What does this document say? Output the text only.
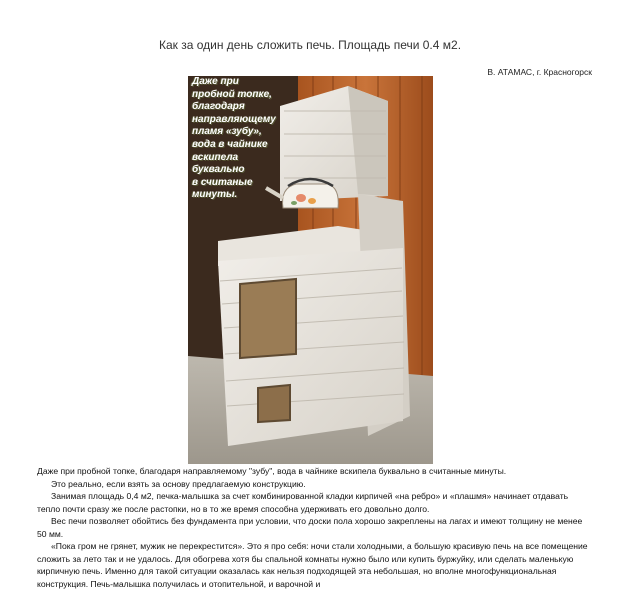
Как за один день сложить печь. Площадь печи 0.4 м2.
В. АТАМАС, г. Красногорск
Даже при
пробной топке,
благодаря
направляющему
пламя «зубу»,
вода в чайнике
вскипела
буквально
в считаные
минуты.

Даже при пробной топке, благодаря направляемому "зубу", вода в чайнике вскипела буквально в считанные минуты.

Это реально, если взять за основу предлагаемую конструкцию.

Занимая площадь 0,4 м2, печка-малышка за счет комбинированной кладки кирпичей «на ребро» и «плашмя» начинает отдавать тепло почти сразу же после растопки, но в то же время способна удерживать его довольно долго.

Вес печи позволяет обойтись без фундамента при условии, что доски пола хорошо закреплены на лагах и имеют толщину не менее 50 мм.

«Пока гром не грянет, мужик не перекрестится». Это я про себя: ночи стали холодными, а большую красивую печь на все помещение сложить за лето так и не удалось. Для обогрева хотя бы спальной комнаты нужно было или купить буржуйку, или сделать маленькую кирпичную печь. Именно для такой ситуации оказалась как нельзя подходящей эта небольшая, но вполне многофункциональная конструкция. Печь-малышка получилась и отопительной, и варочной и
